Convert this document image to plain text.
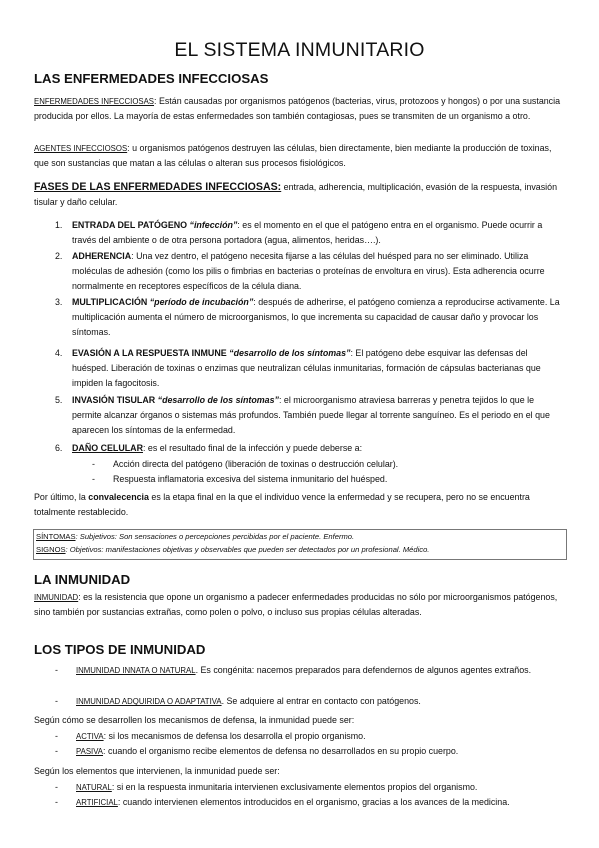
EL SISTEMA INMUNITARIO
LAS ENFERMEDADES INFECCIOSAS
ENFERMEDADES INFECCIOSAS: Están causadas por organismos patógenos (bacterias, virus, protozoos y hongos) o por una sustancia producida por ellos. La mayoría de estas enfermedades son también contagiosas, pues se transmiten de un organismo a otro.
AGENTES INFECCIOSOS: u organismos patógenos destruyen las células, bien directamente, bien mediante la producción de toxinas, que son sustancias que matan a las células o alteran sus procesos fisiológicos.
FASES DE LAS ENFERMEDADES INFECCIOSAS: entrada, adherencia, multiplicación, evasión de la respuesta, invasión tisular y daño celular.
1.	ENTRADA DEL PATÓGENO “infección”: es el momento en el que el patógeno entra en el organismo. Puede ocurrir a través del ambiente o de otra persona portadora (agua, alimentos, heridas….).
2.	ADHERENCIA: Una vez dentro, el patógeno necesita fijarse a las células del huésped para no ser eliminado. Utiliza moléculas de adhesión (como los pilis o fimbrias en bacterias o proteínas de envoltura en virus). Esta adherencia ocurre normalmente en receptores específicos de la célula diana.
3.	MULTIPLICACIÓN “período de incubación”: después de adherirse, el patógeno comienza a reproducirse activamente. La multiplicación aumenta el número de microorganismos, lo que incrementa su capacidad de causar daño y provocar los síntomas.
4.	EVASIÓN A LA RESPUESTA INMUNE “desarrollo de los síntomas”: El patógeno debe esquivar las defensas del huésped. Liberación de toxinas o enzimas que neutralizan células inmunitarias, formación de cápsulas bacterianas que impiden la fagocitosis.
5.	INVASIÓN TISULAR “desarrollo de los síntomas”: el microorganismo atraviesa barreras y penetra tejidos lo que le permite alcanzar órganos o sistemas más profundos. También puede llegar al torrente sanguíneo. Es el periodo en el que aparecen los síntomas de la enfermedad.
6.	DAÑO CELULAR: es el resultado final de la infección y puede deberse a:
- Acción directa del patógeno (liberación de toxinas o destrucción celular).
- Respuesta inflamatoria excesiva del sistema inmunitario del huésped.
Por último, la convalecencia es la etapa final en la que el individuo vence la enfermedad y se recupera, pero no se encuentra totalmente restablecido.
SÍNTOMAS: Subjetivos: Son sensaciones o percepciones percibidas por el paciente. Enfermo.
SIGNOS: Objetivos: manifestaciones objetivas y observables que pueden ser detectados por un profesional. Médico.
LA INMUNIDAD
INMUNIDAD: es la resistencia que opone un organismo a padecer enfermedades producidas no sólo por microorganismos patógenos, sino también por sustancias extrañas, como polen o polvo, o incluso sus propias células alteradas.
LOS TIPOS DE INMUNIDAD
- INMUNIDAD INNATA O NATURAL. Es congénita: nacemos preparados para defendernos de algunos agentes extraños.
- INMUNIDAD ADQUIRIDA O ADAPTATIVA. Se adquiere al entrar en contacto con patógenos.
Según cómo se desarrollen los mecanismos de defensa, la inmunidad puede ser:
- ACTIVA: si los mecanismos de defensa los desarrolla el propio organismo.
- PASIVA: cuando el organismo recibe elementos de defensa no desarrollados en su propio cuerpo.
Según los elementos que intervienen, la inmunidad puede ser:
- NATURAL: si en la respuesta inmunitaria intervienen exclusivamente elementos propios del organismo.
- ARTIFICIAL: cuando intervienen elementos introducidos en el organismo, gracias a los avances de la medicina.
